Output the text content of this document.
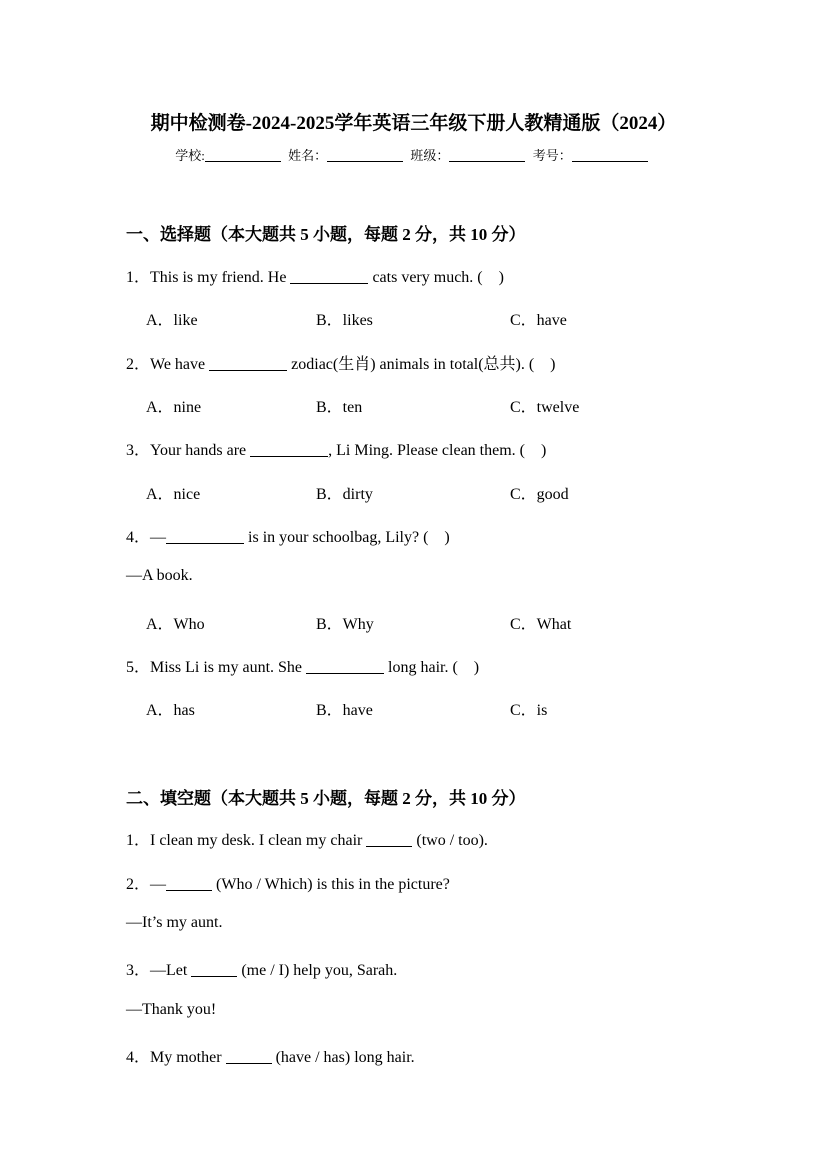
期中检测卷-2024-2025学年英语三年级下册人教精通版（2024）
学校:	姓名：	班级：	考号：
一、选择题（本大题共 5 小题，每题 2 分，共 10 分）
1．This is my friend. He	cats very much. (    )
A．like	B．likes	C．have
2．We have	zodiac(生肖) animals in total(总共). (    )
A．nine	B．ten	C．twelve
3．Your hands are	, Li Ming. Please clean them. (    )
A．nice	B．dirty	C．good
4．—	is in your schoolbag, Lily? (    )
—A book.
A．Who	B．Why	C．What
5．Miss Li is my aunt. She	long hair. (    )
A．has	B．have	C．is
二、填空题（本大题共 5 小题，每题 2 分，共 10 分）
1．I clean my desk. I clean my chair	(two / too).
2．—	(Who / Which) is this in the picture?
—It’s my aunt.
3．—Let	(me / I) help you, Sarah.
—Thank you!
4．My mother	(have / has) long hair.
